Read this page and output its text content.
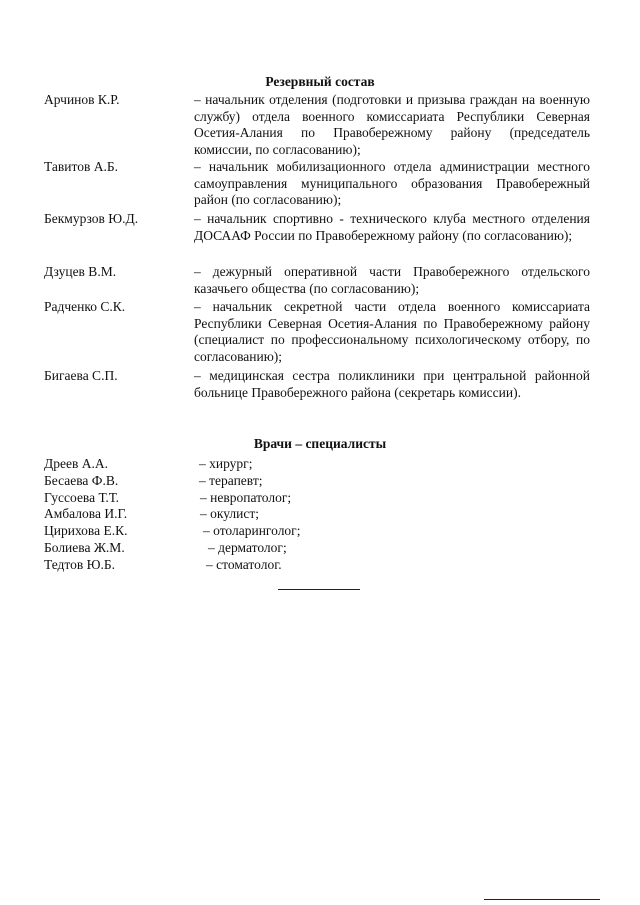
Резервный состав
Арчинов К.Р.	– начальник отделения (подготовки и призыва граждан на военную службу) отдела военного комиссариата Республики Северная Осетия-Алания по Правобережному району (председатель комиссии, по согласованию);
Тавитов А.Б.	– начальник мобилизационного отдела администрации местного самоуправления муниципального образования Правобережный район (по согласованию);
Бекмурзов Ю.Д.	– начальник спортивно - технического клуба местного отделения ДОСААФ России по Правобережному району (по согласованию);
Дзуцев В.М.	– дежурный оперативной части Правобережного отдельского казачьего общества (по согласованию);
Радченко С.К.	– начальник секретной части отдела военного комиссариата Республики Северная Осетия-Алания по Правобережному району (специалист по профессиональному психологическому отбору, по согласованию);
Бигаева С.П.	– медицинская сестра поликлиники при центральной районной больнице Правобережного района (секретарь комиссии).
Врачи – специалисты
Дреев А.А.	– хирург;
Бесаева Ф.В.	– терапевт;
Гуссоева Т.Т.	– невропатолог;
Амбалова И.Г.	– окулист;
Цирихова Е.К.	– отоларинголог;
Болиева Ж.М.	– дерматолог;
Тедтов Ю.Б.	– стоматолог.
